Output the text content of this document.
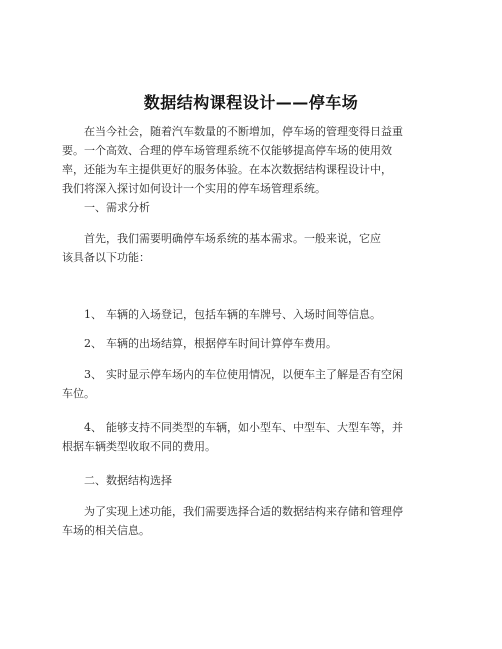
数据结构课程设计——停车场
在当今社会，随着汽车数量的不断增加，停车场的管理变得日益重
要。一个高效、合理的停车场管理系统不仅能够提高停车场的使用效
率，还能为车主提供更好的服务体验。在本次数据结构课程设计中，
我们将深入探讨如何设计一个实用的停车场管理系统。
一、需求分析
首先，我们需要明确停车场系统的基本需求。一般来说，它应
该具备以下功能：
1、 车辆的入场登记，包括车辆的车牌号、入场时间等信息。
2、 车辆的出场结算，根据停车时间计算停车费用。
3、 实时显示停车场内的车位使用情况，以便车主了解是否有空闲
车位。
4、 能够支持不同类型的车辆，如小型车、中型车、大型车等，并
根据车辆类型收取不同的费用。
二、数据结构选择
为了实现上述功能，我们需要选择合适的数据结构来存储和管理停
车场的相关信息。
